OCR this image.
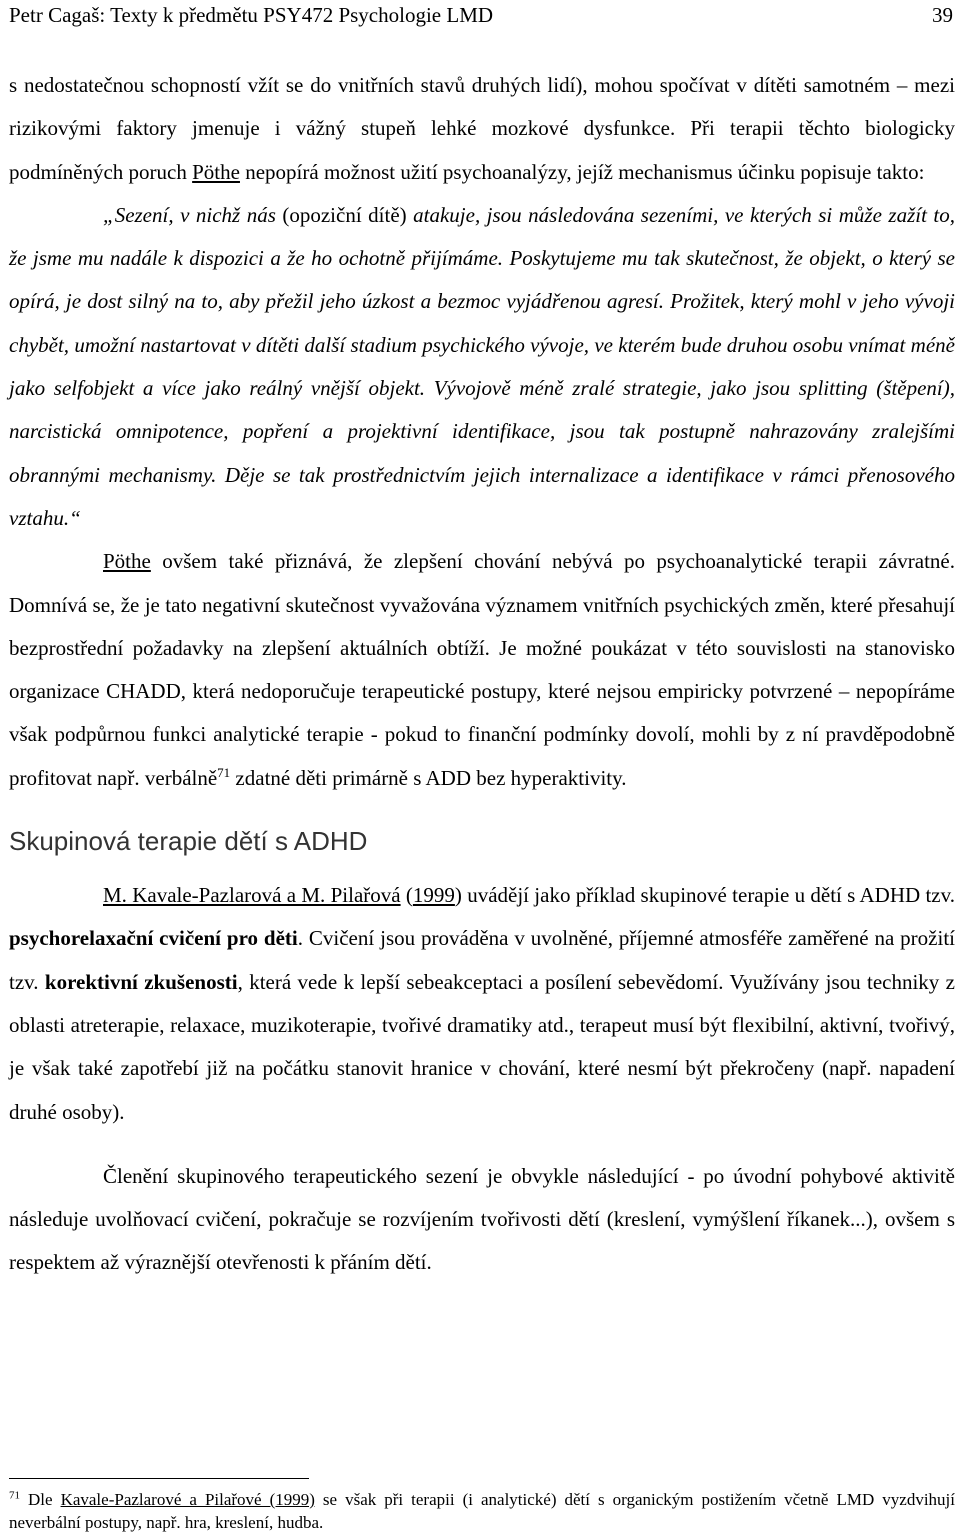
Petr Cagaš: Texty k předmětu PSY472 Psychologie LMD	39

s nedostatečnou schopností vžít se do vnitřních stavů druhých lidí), mohou spočívat v dítěti samotném – mezi rizikovými faktory jmenuje i vážný stupeň lehké mozkové dysfunkce. Při terapii těchto biologicky podmíněných poruch Pöthe nepopírá možnost užití psychoanalýzy, jejíž mechanismus účinku popisuje takto:

„Sezení, v nichž nás (opoziční dítě) atakuje, jsou následována sezeními, ve kterých si může zažít to, že jsme mu nadále k dispozici a že ho ochotně přijímáme. Poskytujeme mu tak skutečnost, že objekt, o který se opírá, je dost silný na to, aby přežil jeho úzkost a bezmoc vyjádřenou agresí. Prožitek, který mohl v jeho vývoji chybět, umožní nastartovat v dítěti další stadium psychického vývoje, ve kterém bude druhou osobu vnímat méně jako selfobjekt a více jako reálný vnější objekt. Vývojově méně zralé strategie, jako jsou splitting (štěpení), narcistická omnipotence, popření a projektivní identifikace, jsou tak postupně nahrazovány zralejšími obrannými mechanismy. Děje se tak prostřednictvím jejich internalizace a identifikace v rámci přenosového vztahu.“

Pöthe ovšem také přiznává, že zlepšení chování nebývá po psychoanalytické terapii závratné. Domnívá se, že je tato negativní skutečnost vyvažována významem vnitřních psychických změn, které přesahují bezprostřední požadavky na zlepšení aktuálních obtíží. Je možné poukázat v této souvislosti na stanovisko organizace CHADD, která nedoporučuje terapeutické postupy, které nejsou empiricky potvrzené – nepopíráme však podpůrnou funkci analytické terapie - pokud to finanční podmínky dovolí, mohli by z ní pravděpodobně profitovat např. verbálně$^{71}$ zdatné děti primárně s ADD bez hyperaktivity.

Skupinová terapie dětí s ADHD

M. Kavale-Pazlarová a M. Pilařová (1999) uvádějí jako příklad skupinové terapie u dětí s ADHD tzv. psychorelaxační cvičení pro děti. Cvičení jsou prováděna v uvolněné, příjemné atmosféře zaměřené na prožití tzv. korektivní zkušenosti, která vede k lepší sebeakceptaci a posílení sebevědomí. Využívány jsou techniky z oblasti atreterapie, relaxace, muzikoterapie, tvořivé dramatiky atd., terapeut musí být flexibilní, aktivní, tvořivý, je však také zapotřebí již na počátku stanovit hranice v chování, které nesmí být překročeny (např. napadení druhé osoby).

Členění skupinového terapeutického sezení je obvykle následující - po úvodní pohybové aktivitě následuje uvolňovací cvičení, pokračuje se rozvíjením tvořivosti dětí (kreslení, vymýšlení říkanek...), ovšem s respektem až výraznější otevřenosti k přáním dětí.

$^{71}$ Dle Kavale-Pazlarové a Pilařové (1999) se však při terapii (i analytické) dětí s organickým postižením včetně LMD vyzdvihují neverbální postupy, např. hra, kreslení, hudba.
